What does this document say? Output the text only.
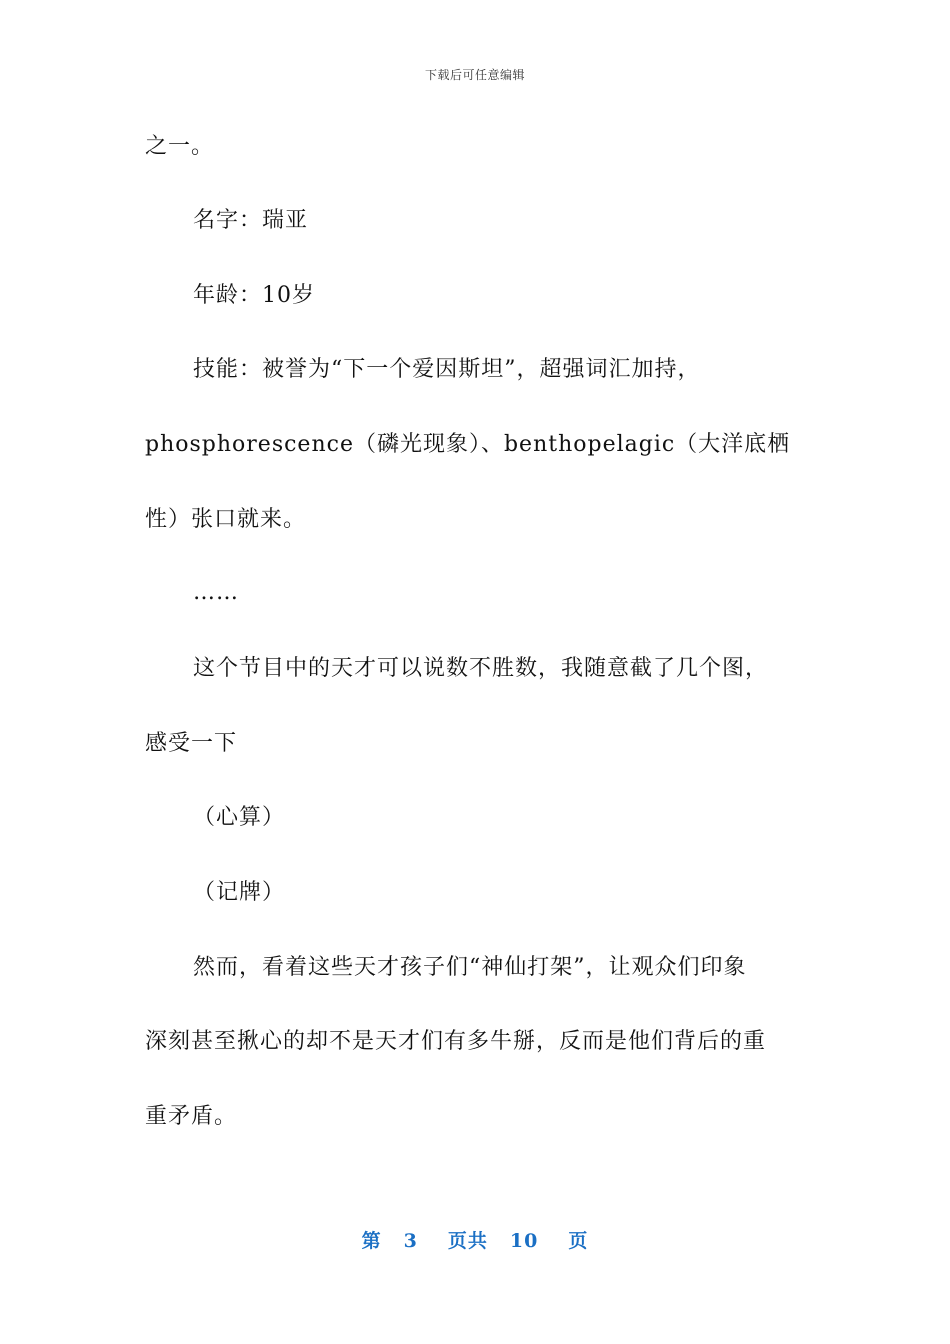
下载后可任意编辑
之一。
名字：瑞亚
年龄：10岁
技能：被誉为“下一个爱因斯坦”，超强词汇加持，
phosphorescence（磷光现象）、benthopelagic（大洋底栖
性）张口就来。
……
这个节目中的天才可以说数不胜数，我随意截了几个图，
感受一下
（心算）
（记牌）
然而，看着这些天才孩子们“神仙打架”，让观众们印象
深刻甚至揪心的却不是天才们有多牛掰，反而是他们背后的重
重矛盾。
第 3 页共 10 页
